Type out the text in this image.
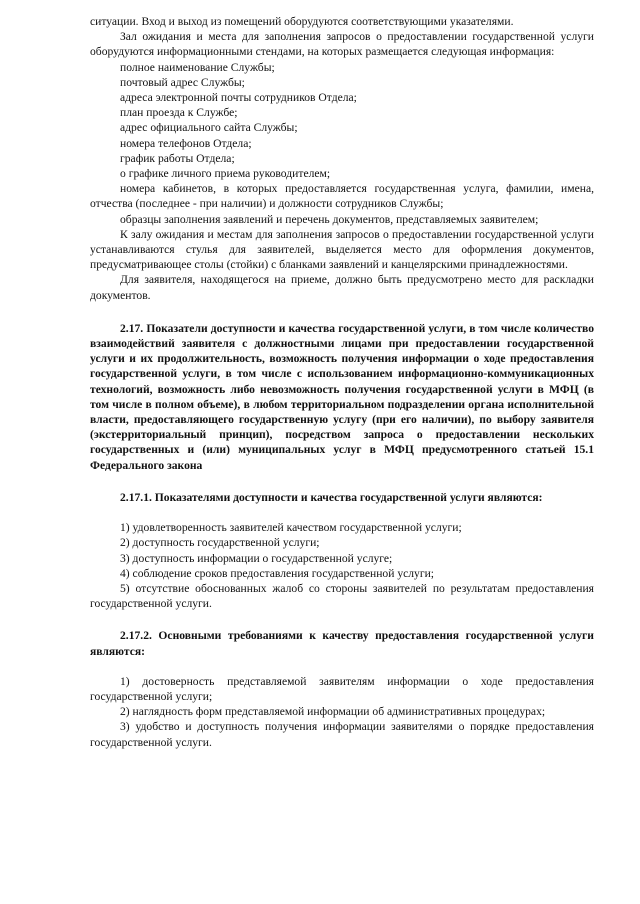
ситуации. Вход и выход из помещений оборудуются соответствующими указателями.

Зал ожидания и места для заполнения запросов о предоставлении государственной услуги оборудуются информационными стендами, на которых размещается следующая информация:

полное наименование Службы;

почтовый адрес Службы;

адреса электронной почты сотрудников Отдела;

план проезда к Службе;

адрес официального сайта Службы;

номера телефонов Отдела;

график работы Отдела;

о графике личного приема руководителем;

номера кабинетов, в которых предоставляется государственная услуга, фамилии, имена, отчества (последнее - при наличии) и должности сотрудников Службы;

образцы заполнения заявлений и перечень документов, представляемых заявителем;

К залу ожидания и местам для заполнения запросов о предоставлении государственной услуги устанавливаются стулья для заявителей, выделяется место для оформления документов, предусматривающее столы (стойки) с бланками заявлений и канцелярскими принадлежностями.

Для заявителя, находящегося на приеме, должно быть предусмотрено место для раскладки документов.

2.17. Показатели доступности и качества государственной услуги, в том числе количество взаимодействий заявителя с должностными лицами при предоставлении государственной услуги и их продолжительность, возможность получения информации о ходе предоставления государственной услуги, в том числе с использованием информационно-коммуникационных технологий, возможность либо невозможность получения государственной услуги в МФЦ (в том числе в полном объеме), в любом территориальном подразделении органа исполнительной власти, предоставляющего государственную услугу (при его наличии), по выбору заявителя (экстерриториальный принцип), посредством запроса о предоставлении нескольких государственных и (или) муниципальных услуг в МФЦ предусмотренного статьей 15.1 Федерального закона

2.17.1. Показателями доступности и качества государственной услуги являются:

1) удовлетворенность заявителей качеством государственной услуги;

2) доступность государственной услуги;

3) доступность информации о государственной услуге;

4) соблюдение сроков предоставления государственной услуги;

5) отсутствие обоснованных жалоб со стороны заявителей по результатам предоставления государственной услуги.

2.17.2. Основными требованиями к качеству предоставления государственной услуги являются:

1) достоверность представляемой заявителям информации о ходе предоставления государственной услуги;

2) наглядность форм представляемой информации об административных процедурах;

3) удобство и доступность получения информации заявителями о порядке предоставления государственной услуги.
